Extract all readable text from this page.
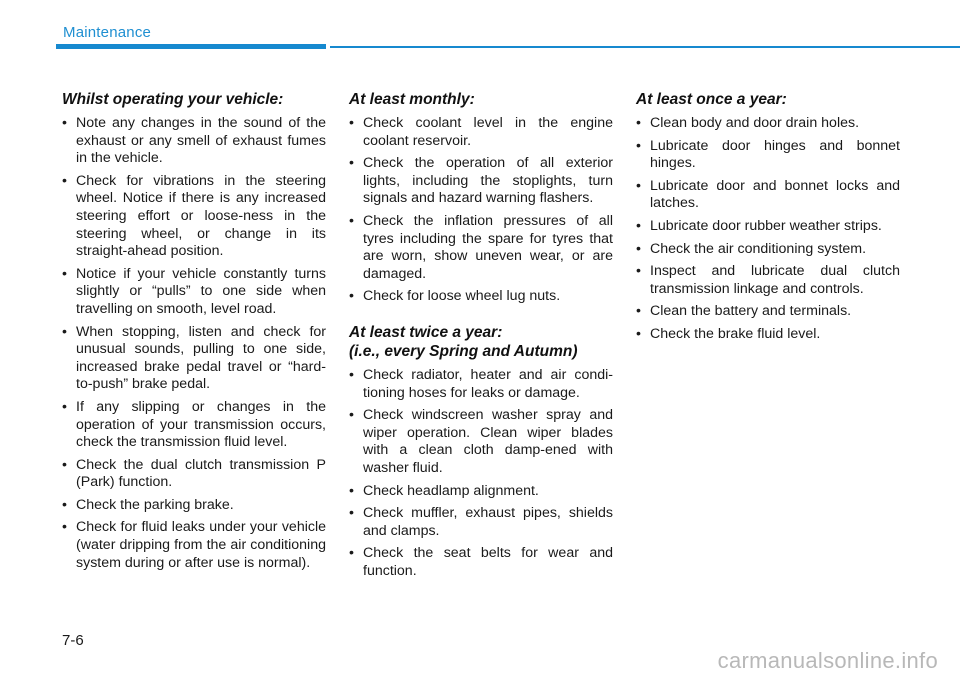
Maintenance
Whilst operating your vehicle:
• Note any changes in the sound of the exhaust or any smell of exhaust fumes in the vehicle.
• Check for vibrations in the steering wheel. Notice if there is any increased steering effort or loose-ness in the steering wheel, or change in its straight-ahead position.
• Notice if your vehicle constantly turns slightly or “pulls” to one side when travelling on smooth, level road.
• When stopping, listen and check for unusual sounds, pulling to one side, increased brake pedal travel or “hard-to-push” brake pedal.
• If any slipping or changes in the operation of your transmission occurs, check the transmission fluid level.
• Check the dual clutch transmission P (Park) function.
• Check the parking brake.
• Check for fluid leaks under your vehicle (water dripping from the air conditioning system during or after use is normal).
At least monthly:
• Check coolant level in the engine coolant reservoir.
• Check the operation of all exterior lights, including the stoplights, turn signals and hazard warning flashers.
• Check the inflation pressures of all tyres including the spare for tyres that are worn, show uneven wear, or are damaged.
• Check for loose wheel lug nuts.
At least twice a year:
(i.e., every Spring and Autumn)
• Check radiator, heater and air condi-tioning hoses for leaks or damage.
• Check windscreen washer spray and wiper operation. Clean wiper blades with a clean cloth damp-ened with washer fluid.
• Check headlamp alignment.
• Check muffler, exhaust pipes, shields and clamps.
• Check the seat belts for wear and function.
At least once a year:
• Clean body and door drain holes.
• Lubricate door hinges and bonnet hinges.
• Lubricate door and bonnet locks and latches.
• Lubricate door rubber weather strips.
• Check the air conditioning system.
• Inspect and lubricate dual clutch transmission linkage and controls.
• Clean the battery and terminals.
• Check the brake fluid level.
7-6
carmanualsonline.info
